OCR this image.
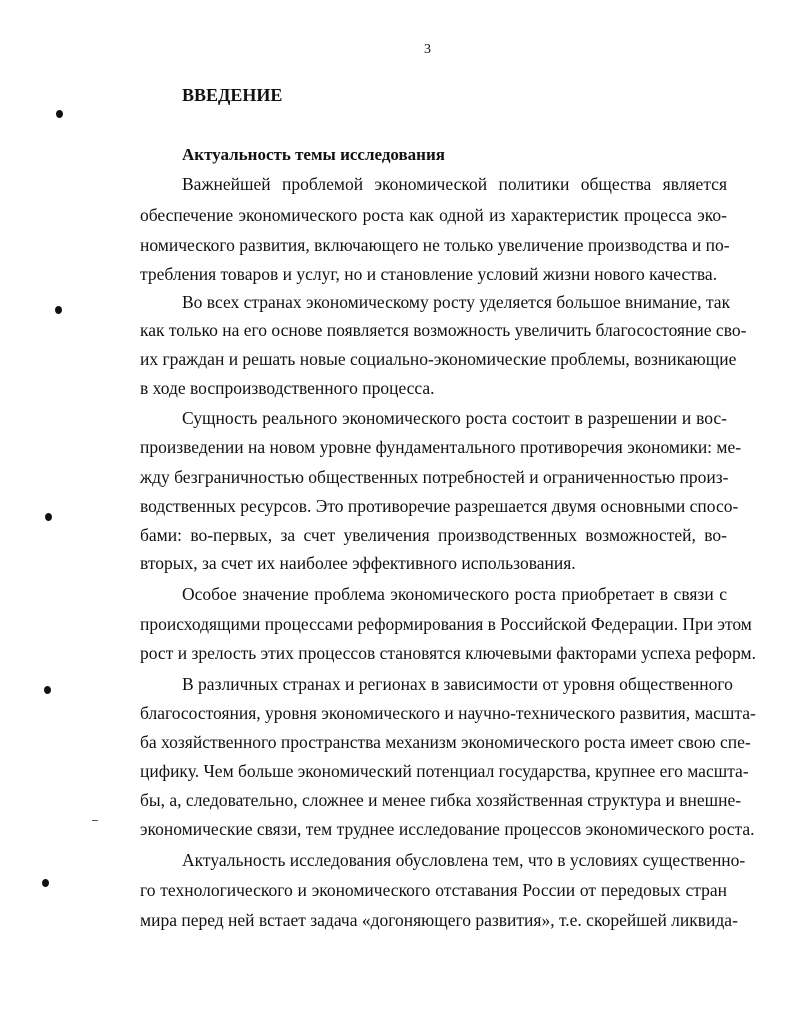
3
ВВЕДЕНИЕ
Актуальность темы исследования
Важнейшей проблемой экономической политики общества является
обеспечение экономического роста как одной из характеристик процесса эко-
номического развития, включающего не только увеличение производства и по-
требления товаров и услуг, но и становление условий жизни нового качества.
Во всех странах экономическому росту уделяется большое внимание, так
как только на его основе появляется возможность увеличить благосостояние сво-
их граждан и решать новые социально-экономические проблемы, возникающие
в ходе воспроизводственного процесса.
Сущность реального экономического роста состоит в разрешении и вос-
произведении на новом уровне фундаментального противоречия экономики: ме-
жду безграничностью общественных потребностей и ограниченностью произ-
водственных ресурсов. Это противоречие разрешается двумя основными спосо-
бами: во-первых, за счет увеличения производственных возможностей, во-
вторых, за счет их наиболее эффективного использования.
Особое значение проблема экономического роста приобретает в связи с
происходящими процессами реформирования в Российской Федерации. При этом
рост и зрелость этих процессов становятся ключевыми факторами успеха реформ.
В различных странах и регионах в зависимости от уровня общественного
благосостояния, уровня экономического и научно-технического развития, масшта-
ба хозяйственного пространства механизм экономического роста имеет свою спе-
цифику. Чем больше экономический потенциал государства, крупнее его масшта-
бы, а, следовательно, сложнее и менее гибка хозяйственная структура и внешне-
экономические связи, тем труднее исследование процессов экономического роста.
Актуальность исследования обусловлена тем, что в условиях существенно-
го технологического и экономического отставания России от передовых стран
мира перед ней встает задача «догоняющего развития», т.е. скорейшей ликвида-
